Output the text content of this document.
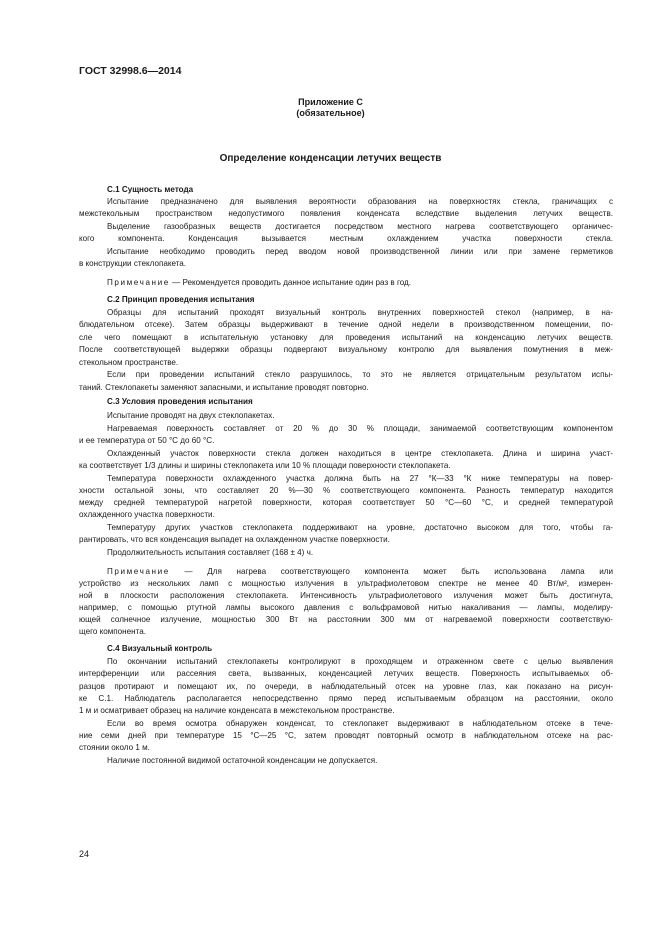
ГОСТ 32998.6—2014
Приложение С
(обязательное)
Определение конденсации летучих веществ
С.1 Сущность метода
Испытание предназначено для выявления вероятности образования на поверхностях стекла, граничащих с
межстекольным пространством недопустимого появления конденсата вследствие выделения летучих веществ.
Выделение газообразных веществ достигается посредством местного нагрева соответствующего органичес-
кого компонента. Конденсация вызывается местным охлаждением участка поверхности стекла.
Испытание необходимо проводить перед вводом новой производственной линии или при замене герметиков
в конструкции стеклопакета.
Примечание — Рекомендуется проводить данное испытание один раз в год.
С.2 Принцип проведения испытания
Образцы для испытаний проходят визуальный контроль внутренних поверхностей стекол (например, в на-
блюдательном отсеке). Затем образцы выдерживают в течение одной недели в производственном помещении, по-
сле чего помещают в испытательную установку для проведения испытаний на конденсацию летучих веществ.
После соответствующей выдержки образцы подвергают визуальному контролю для выявления помутнения в меж-
стекольном пространстве.
Если при проведении испытаний стекло разрушилось, то это не является отрицательным результатом испы-
таний. Стеклопакеты заменяют запасными, и испытание проводят повторно.
С.3 Условия проведения испытания
Испытание проводят на двух стеклопакетах.
Нагреваемая поверхность составляет от 20 % до 30 % площади, занимаемой соответствующим компонентом
и ее температура от 50 °С до 60 °С.
Охлажденный участок поверхности стекла должен находиться в центре стеклопакета. Длина и ширина участ-
ка соответствует 1/3 длины и ширины стеклопакета или 10 % площади поверхности стеклопакета.
Температура поверхности охлажденного участка должна быть на 27 °К—33 °К ниже температуры на повер-
хности остальной зоны, что составляет 20 %—30 % соответствующего компонента. Разность температур находится
между средней температурой нагретой поверхности, которая соответствует 50 °С—60 °С, и средней температурой
охлажденного участка поверхности.
Температуру других участков стеклопакета поддерживают на уровне, достаточно высоком для того, чтобы га-
рантировать, что вся конденсация выпадет на охлажденном участке поверхности.
Продолжительность испытания составляет (168 ± 4) ч.
Примечание — Для нагрева соответствующего компонента может быть использована лампа или
устройство из нескольких ламп с мощностью излучения в ультрафиолетовом спектре не менее 40 Вт/м², измерен-
ной в плоскости расположения стеклопакета. Интенсивность ультрафиолетового излучения может быть достигнута,
например, с помощью ртутной лампы высокого давления с вольфрамовой нитью накаливания — лампы, моделиру-
ющей солнечное излучение, мощностью 300 Вт на расстоянии 300 мм от нагреваемой поверхности соответствую-
щего компонента.
С.4 Визуальный контроль
По окончании испытаний стеклопакеты контролируют в проходящем и отраженном свете с целью выявления
интерференции или рассеяния света, вызванных, конденсацией летучих веществ. Поверхность испытываемых об-
разцов протирают и помещают их, по очереди, в наблюдательный отсек на уровне глаз, как показано на рисун-
ке С.1. Наблюдатель располагается непосредственно прямо перед испытываемым образцом на расстоянии, около
1 м и осматривает образец на наличие конденсата в межстекольном пространстве.
Если во время осмотра обнаружен конденсат, то стеклопакет выдерживают в наблюдательном отсеке в тече-
ние семи дней при температуре 15 °С—25 °С, затем проводят повторный осмотр в наблюдательном отсеке на рас-
стоянии около 1 м.
Наличие постоянной видимой остаточной конденсации не допускается.
24
